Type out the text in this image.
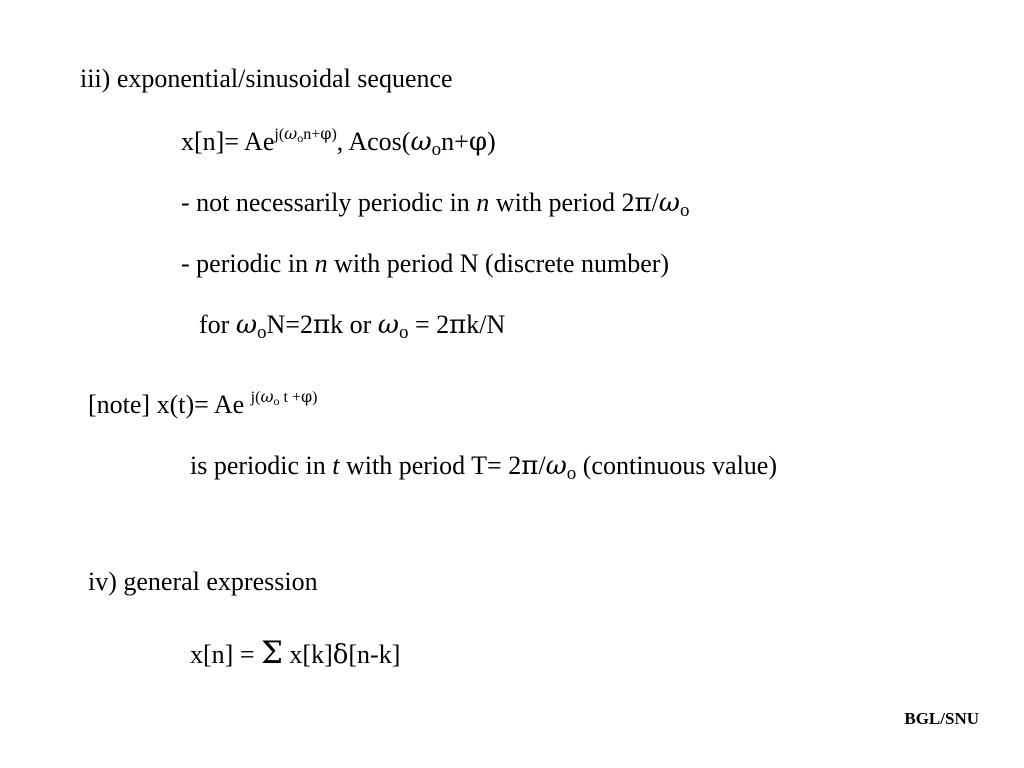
iii) exponential/sinusoidal sequence
$x[n]= Ae^{j(\omega on+\varphi)}$, Acos(ωon+φ)
- not necessarily periodic in n with period 2π/ωo
- periodic in n with period N (discrete number)
for ωoN=2πk or ωo = 2πk/N
[note] x(t)= Ae $^{j(\omega o t +\varphi)}$
is periodic in t with period T= 2π/ωo (continuous value)
iv) general expression
x[n] = Σ x[k]δ[n-k]
BGL/SNU
